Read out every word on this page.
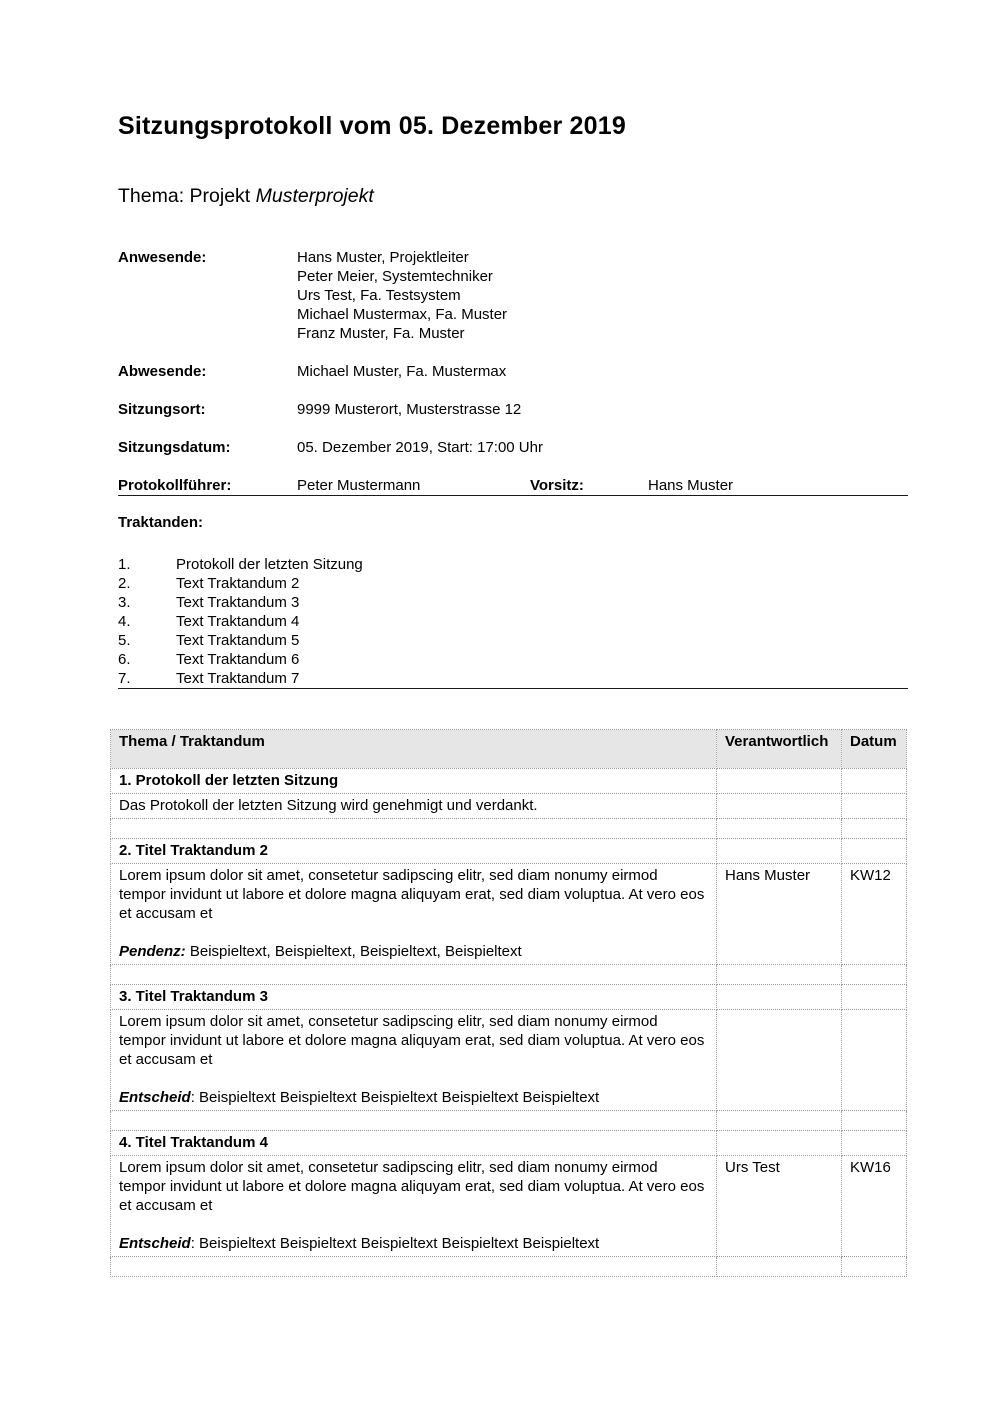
Sitzungsprotokoll vom 05. Dezember 2019
Thema: Projekt Musterprojekt
Anwesende:	Hans Muster, Projektleiter
Peter Meier, Systemtechniker
Urs Test, Fa. Testsystem
Michael Mustermax, Fa. Muster
Franz Muster, Fa. Muster
Abwesende:	Michael Muster, Fa. Mustermax
Sitzungsort:	9999 Musterort, Musterstrasse 12
Sitzungsdatum:	05. Dezember 2019, Start: 17:00 Uhr
Protokollführer:	Peter Mustermann	Vorsitz:	Hans Muster
Traktanden:
1.	Protokoll der letzten Sitzung
2.	Text Traktandum 2
3.	Text Traktandum 3
4.	Text Traktandum 4
5.	Text Traktandum 5
6.	Text Traktandum 6
7.	Text Traktandum 7
Thema / Traktandum	Verantwortlich	Datum
1. Protokoll der letzten Sitzung		
Das Protokoll der letzten Sitzung wird genehmigt und verdankt.		

2. Titel Traktandum 2		

Lorem ipsum dolor sit amet, consetetur sadipscing elitr, sed diam nonumy eirmod tempor invidunt ut labore et dolore magna aliquyam erat, sed diam voluptua. At vero eos et accusam et
Pendenz: Beispieltext, Beispieltext, Beispieltext, Beispieltext	Hans Muster	KW12

3. Titel Traktandum 3		

Lorem ipsum dolor sit amet, consetetur sadipscing elitr, sed diam nonumy eirmod tempor invidunt ut labore et dolore magna aliquyam erat, sed diam voluptua. At vero eos et accusam et
Entscheid: Beispieltext Beispieltext Beispieltext Beispieltext Beispieltext		

4. Titel Traktandum 4		

Lorem ipsum dolor sit amet, consetetur sadipscing elitr, sed diam nonumy eirmod tempor invidunt ut labore et dolore magna aliquyam erat, sed diam voluptua. At vero eos et accusam et
Entscheid: Beispieltext Beispieltext Beispieltext Beispieltext Beispieltext	Urs Test	KW16
